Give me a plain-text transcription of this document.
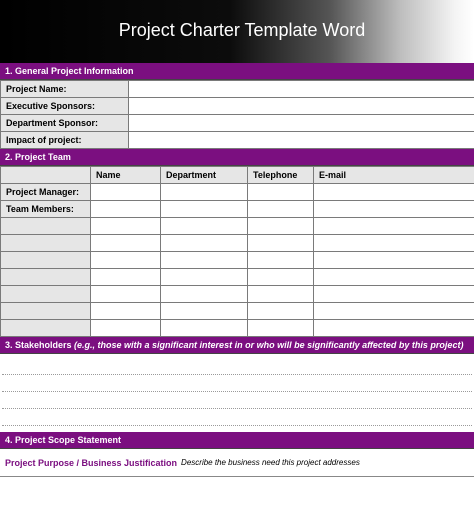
Project Charter Template Word
1. General Project Information
Project Name:	
Executive Sponsors:	
Department Sponsor:	
Impact of project:	
2. Project Team
	Name	Department	Telephone	E-mail
Project Manager:				
Team Members:				

3. Stakeholders (e.g., those with a significant interest in or who will be significantly affected by this project)
4. Project Scope Statement
Project Purpose / Business Justification Describe the business need this project addresses
